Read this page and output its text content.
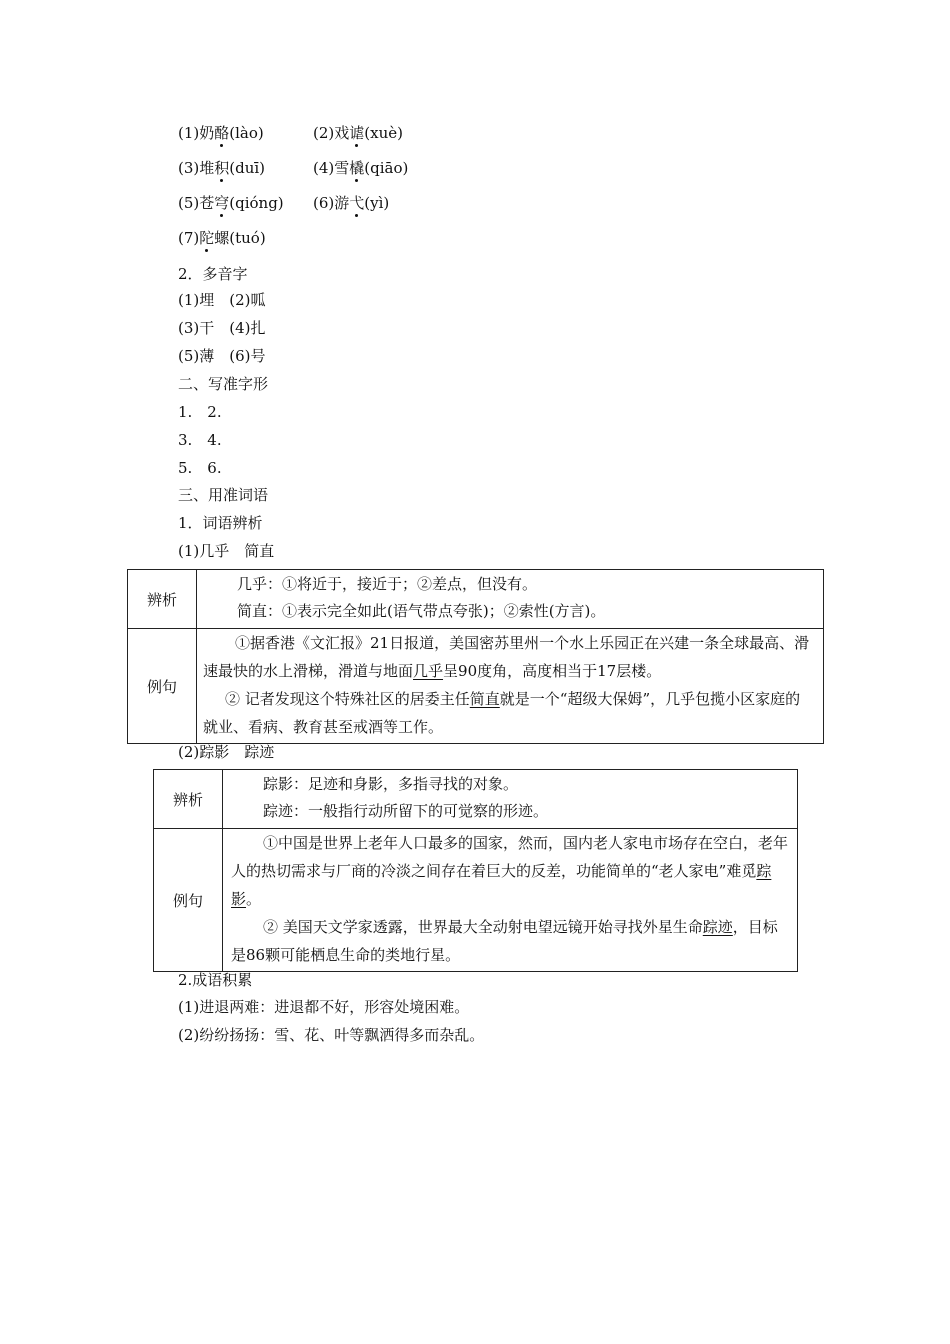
(1)奶酪(lào)	(2)戏谑(xuè)
(3)堆积(duī)	(4)雪橇(qiāo)
(5)苍穹(qióng) (6)游弋(yì)
(7)陀螺(tuó)
2．多音字
(1)埋　(2)呱
(3)干　(4)扎
(5)薄　(6)号
二、写准字形
1.　2.
3.　4.
5.　6.
三、用准词语
1．词语辨析
(1)几乎　简直
辨析	几乎：①将近于，接近于；②差点，但没有。
简直：①表示完全如此(语气带点夸张)；②索性(方言)。

例句	①据香港《文汇报》21日报道，美国密苏里州一个水上乐园正在兴建一条全球最高、滑速最快的水上滑梯，滑道与地面几乎呈90度角，高度相当于17层楼。
② 记者发现这个特殊社区的居委主任简直就是一个“超级大保姆”，几乎包揽小区家庭的就业、看病、教育甚至戒酒等工作。
(2)踪影　踪迹
辨析	踪影：足迹和身影，多指寻找的对象。
踪迹：一般指行动所留下的可觉察的形迹。

例句	①中国是世界上老年人口最多的国家，然而，国内老人家电市场存在空白，老年人的热切需求与厂商的冷淡之间存在着巨大的反差，功能简单的“老人家电”难觅踪影。
② 美国天文学家透露，世界最大全动射电望远镜开始寻找外星生命踪迹，目标是86颗可能栖息生命的类地行星。
2.成语积累
(1)进退两难：进退都不好，形容处境困难。
(2)纷纷扬扬：雪、花、叶等飘洒得多而杂乱。
